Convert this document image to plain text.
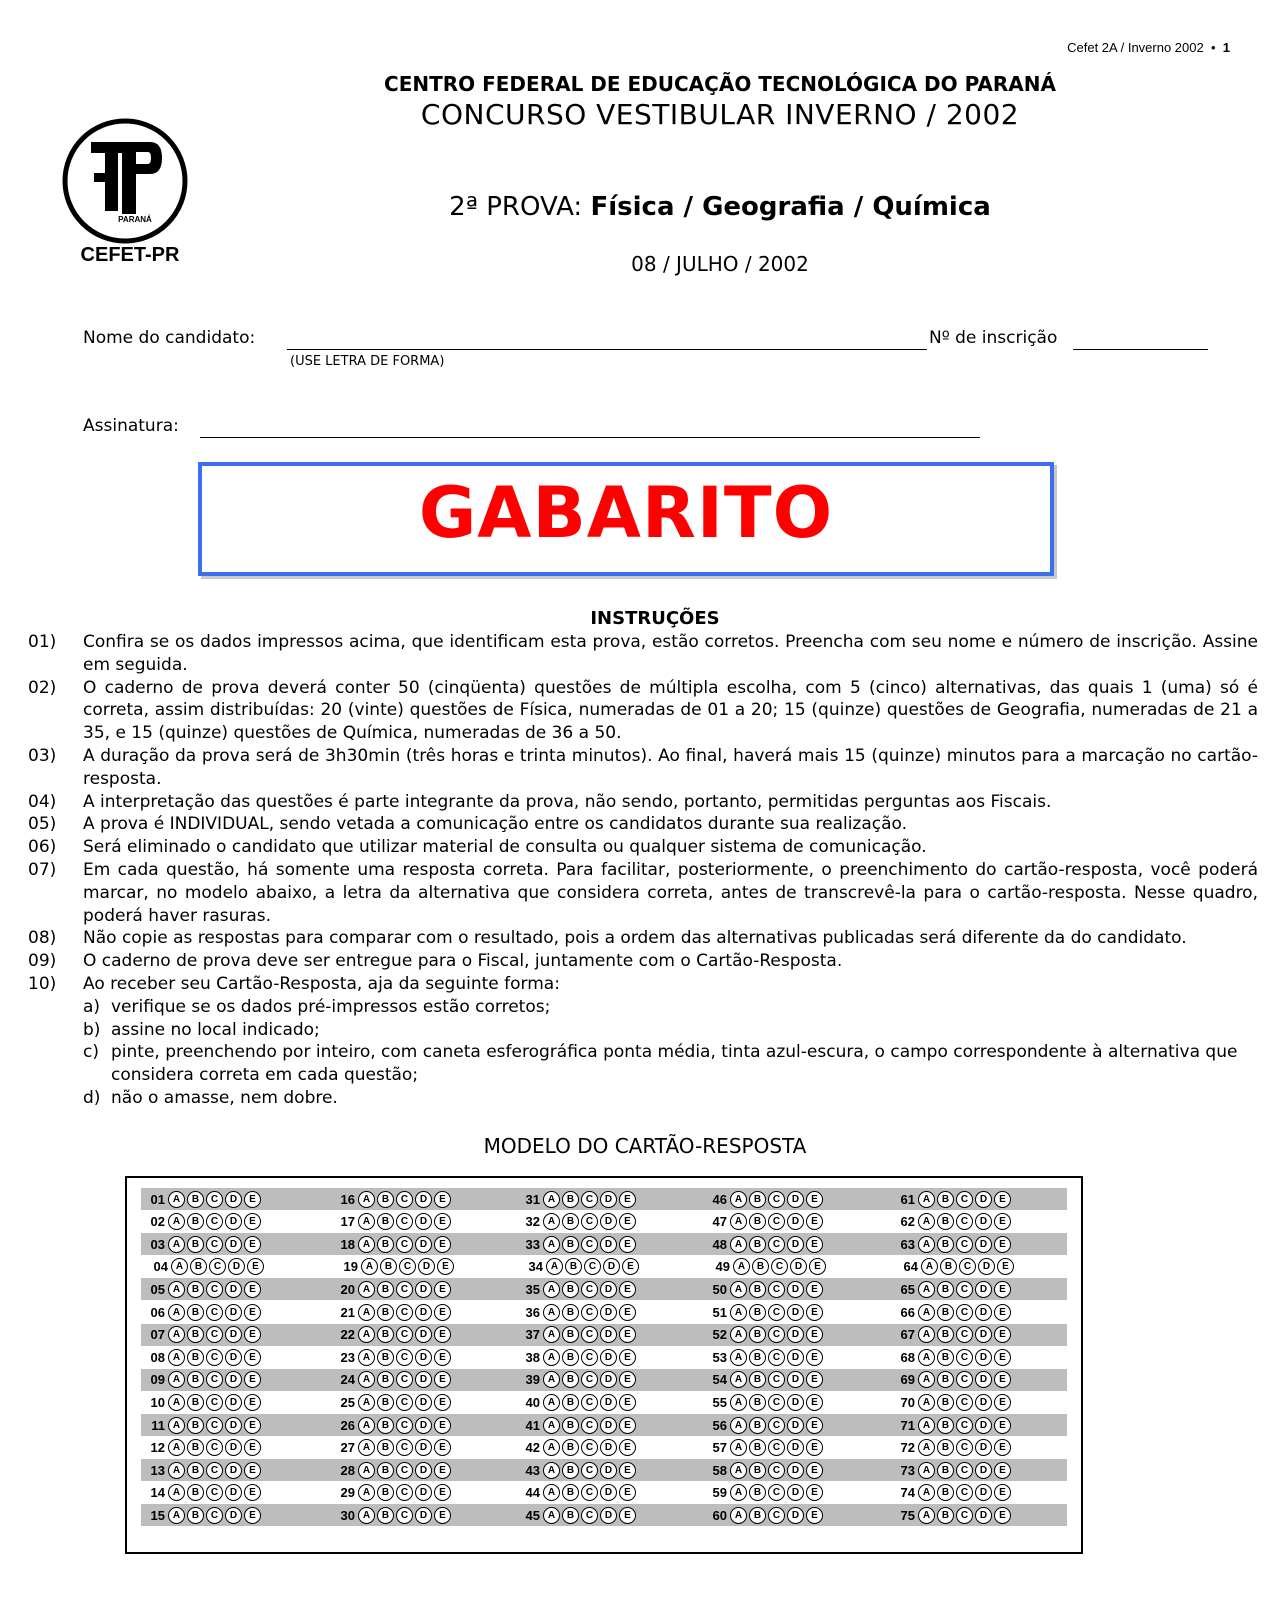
Cefet 2A / Inverno 2002  •  1
PARANÁ
CEFET-PR
CENTRO FEDERAL DE EDUCAÇÃO TECNOLÓGICA DO PARANÁ
CONCURSO VESTIBULAR INVERNO / 2002
2ª PROVA: Física / Geografia / Química
08 / JULHO / 2002
Nome do candidato:	Nº de inscrição
(USE LETRA DE FORMA)
Assinatura:
GABARITO
INSTRUÇÕES
01)	Confira se os dados impressos acima, que identificam esta prova, estão corretos. Preencha com seu nome e número de inscrição. Assine em seguida.
02)	O caderno de prova deverá conter 50 (cinqüenta) questões de múltipla escolha, com 5 (cinco) alternativas, das quais 1 (uma) só é correta, assim distribuídas: 20 (vinte) questões de Física, numeradas de 01 a 20; 15 (quinze) questões de Geografia, numeradas de 21 a 35, e 15 (quinze) questões de Química, numeradas de 36 a 50.
03)	A duração da prova será de 3h30min (três horas e trinta minutos). Ao final, haverá mais 15 (quinze) minutos para a marcação no cartão-resposta.
04)	A interpretação das questões é parte integrante da prova, não sendo, portanto, permitidas perguntas aos Fiscais.
05)	A prova é INDIVIDUAL, sendo vetada a comunicação entre os candidatos durante sua realização.
06)	Será eliminado o candidato que utilizar material de consulta ou qualquer sistema de comunicação.
07)	Em cada questão, há somente uma resposta correta. Para facilitar, posteriormente, o preenchimento do cartão-resposta, você poderá marcar, no modelo abaixo, a letra da alternativa que considera correta, antes de transcrevê-la para o cartão-resposta. Nesse quadro, poderá haver rasuras.
08)	Não copie as respostas para comparar com o resultado, pois a ordem das alternativas publicadas será diferente da do candidato.
09)	O caderno de prova deve ser entregue para o Fiscal, juntamente com o Cartão-Resposta.
10)	Ao receber seu Cartão-Resposta, aja da seguinte forma:
a) verifique se os dados pré-impressos estão corretos;
b) assine no local indicado;
c) pinte, preenchendo por inteiro, com caneta esferográfica ponta média, tinta azul-escura, o campo correspondente à alternativa que considera correta em cada questão;
d) não o amasse, nem dobre.
MODELO DO CARTÃO-RESPOSTA
01 A	B	C	D	E	16 A	B	C	D	E	31 A	B	C	D	E	46 A	B	C	D	E	61 A	B	C	D	E
02 A	B	C	D	E	17 A	B	C	D	E	32 A	B	C	D	E	47 A	B	C	D	E	62 A	B	C	D	E
03 A	B	C	D	E	18 A	B	C	D	E	33 A	B	C	D	E	48 A	B	C	D	E	63 A	B	C	D	E
04 A	B	C	D	E	19 A	B	C	D	E	34 A	B	C	D	E	49 A	B	C	D	E	64 A	B	C	D	E
05 A	B	C	D	E	20 A	B	C	D	E	35 A	B	C	D	E	50 A	B	C	D	E	65 A	B	C	D	E
06 A	B	C	D	E	21 A	B	C	D	E	36 A	B	C	D	E	51 A	B	C	D	E	66 A	B	C	D	E
07 A	B	C	D	E	22 A	B	C	D	E	37 A	B	C	D	E	52 A	B	C	D	E	67 A	B	C	D	E
08 A	B	C	D	E	23 A	B	C	D	E	38 A	B	C	D	E	53 A	B	C	D	E	68 A	B	C	D	E
09 A	B	C	D	E	24 A	B	C	D	E	39 A	B	C	D	E	54 A	B	C	D	E	69 A	B	C	D	E
10 A	B	C	D	E	25 A	B	C	D	E	40 A	B	C	D	E	55 A	B	C	D	E	70 A	B	C	D	E
11 A	B	C	D	E	26 A	B	C	D	E	41 A	B	C	D	E	56 A	B	C	D	E	71 A	B	C	D	E
12 A	B	C	D	E	27 A	B	C	D	E	42 A	B	C	D	E	57 A	B	C	D	E	72 A	B	C	D	E
13 A	B	C	D	E	28 A	B	C	D	E	43 A	B	C	D	E	58 A	B	C	D	E	73 A	B	C	D	E
14 A	B	C	D	E	29 A	B	C	D	E	44 A	B	C	D	E	59 A	B	C	D	E	74 A	B	C	D	E
15 A	B	C	D	E	30 A	B	C	D	E	45 A	B	C	D	E	60 A	B	C	D	E	75 A	B	C	D	E
